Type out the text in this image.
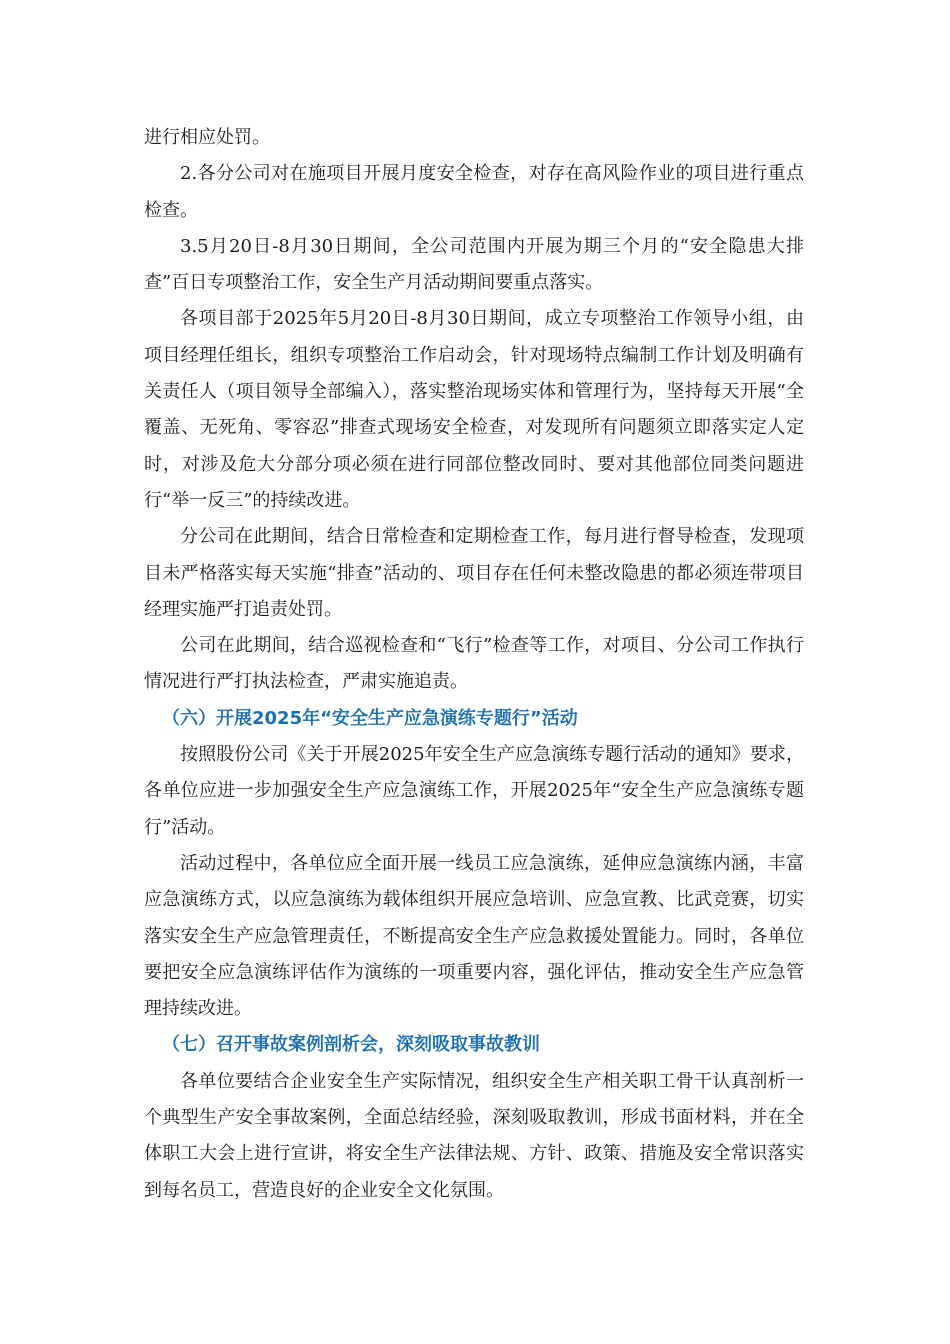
进行相应处罚。

2.各分公司对在施项目开展月度安全检查，对存在高风险作业的项目进行重点检查。

3.5月20日-8月30日期间，全公司范围内开展为期三个月的“安全隐患大排查”百日专项整治工作，安全生产月活动期间要重点落实。

各项目部于2025年5月20日-8月30日期间，成立专项整治工作领导小组，由项目经理任组长，组织专项整治工作启动会，针对现场特点编制工作计划及明确有关责任人（项目领导全部编入），落实整治现场实体和管理行为，坚持每天开展“全覆盖、无死角、零容忍”排查式现场安全检查，对发现所有问题须立即落实定人定时，对涉及危大分部分项必须在进行同部位整改同时、要对其他部位同类问题进行“举一反三”的持续改进。

分公司在此期间，结合日常检查和定期检查工作，每月进行督导检查，发现项目未严格落实每天实施“排查”活动的、项目存在任何未整改隐患的都必须连带项目经理实施严打追责处罚。

公司在此期间，结合巡视检查和“飞行”检查等工作，对项目、分公司工作执行情况进行严打执法检查，严肃实施追责。

（六）开展2025年“安全生产应急演练专题行”活动

按照股份公司《关于开展2025年安全生产应急演练专题行活动的通知》要求，各单位应进一步加强安全生产应急演练工作，开展2025年“安全生产应急演练专题行”活动。

活动过程中，各单位应全面开展一线员工应急演练，延伸应急演练内涵，丰富应急演练方式，以应急演练为载体组织开展应急培训、应急宣教、比武竞赛，切实落实安全生产应急管理责任，不断提高安全生产应急救援处置能力。同时，各单位要把安全应急演练评估作为演练的一项重要内容，强化评估，推动安全生产应急管理持续改进。

（七）召开事故案例剖析会，深刻吸取事故教训

各单位要结合企业安全生产实际情况，组织安全生产相关职工骨干认真剖析一个典型生产安全事故案例，全面总结经验，深刻吸取教训，形成书面材料，并在全体职工大会上进行宣讲，将安全生产法律法规、方针、政策、措施及安全常识落实到每名员工，营造良好的企业安全文化氛围。
